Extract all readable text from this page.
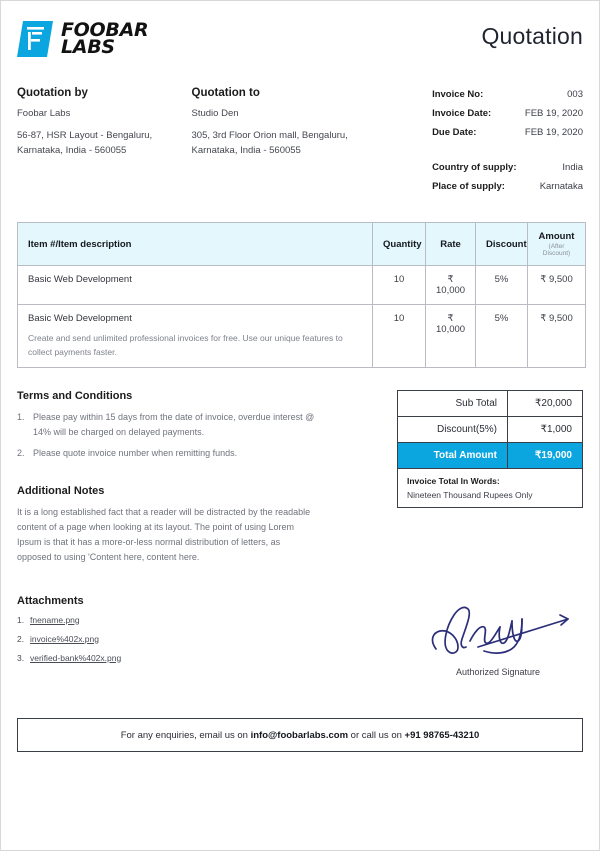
FOOBAR
LABS	Quotation
Quotation by
Foobar Labs
56-87, HSR Layout - Bengaluru,
Karnataka, India - 560055
Quotation to
Studio Den
305, 3rd Floor Orion mall, Bengaluru,
Karnataka, India - 560055
Invoice No:	003
Invoice Date:	FEB 19, 2020
Due Date:	FEB 19, 2020
Country of supply:	India
Place of supply:	Karnataka
Item #/Item description	Quantity	Rate	Discount	Amount
(After Discount)

Basic Web Development	10	₹ 10,000	5%	₹ 9,500

Basic Web Development
Create and send unlimited professional invoices for free. Use our unique features to collect payments faster.	10	₹ 10,000	5%	₹ 9,500
Terms and Conditions
1. Please pay within 15 days from the date of invoice, overdue interest @ 14% will be charged on delayed payments.
2. Please quote invoice number when remitting funds.
Additional Notes
It is a long established fact that a reader will be distracted by the readable content of a page when looking at its layout. The point of using Lorem Ipsum is that it has a more-or-less normal distribution of letters, as opposed to using 'Content here, content here.
Sub Total	₹20,000
Discount(5%)	₹1,000
Total Amount	₹19,000
Invoice Total In Words:
Nineteen Thousand Rupees Only
Attachments
1. fnename.png
2. invoice%402x.png
3. verified-bank%402x.png
Authorized Signature
For any enquiries, email us on info@foobarlabs.com or call us on +91 98765-43210
